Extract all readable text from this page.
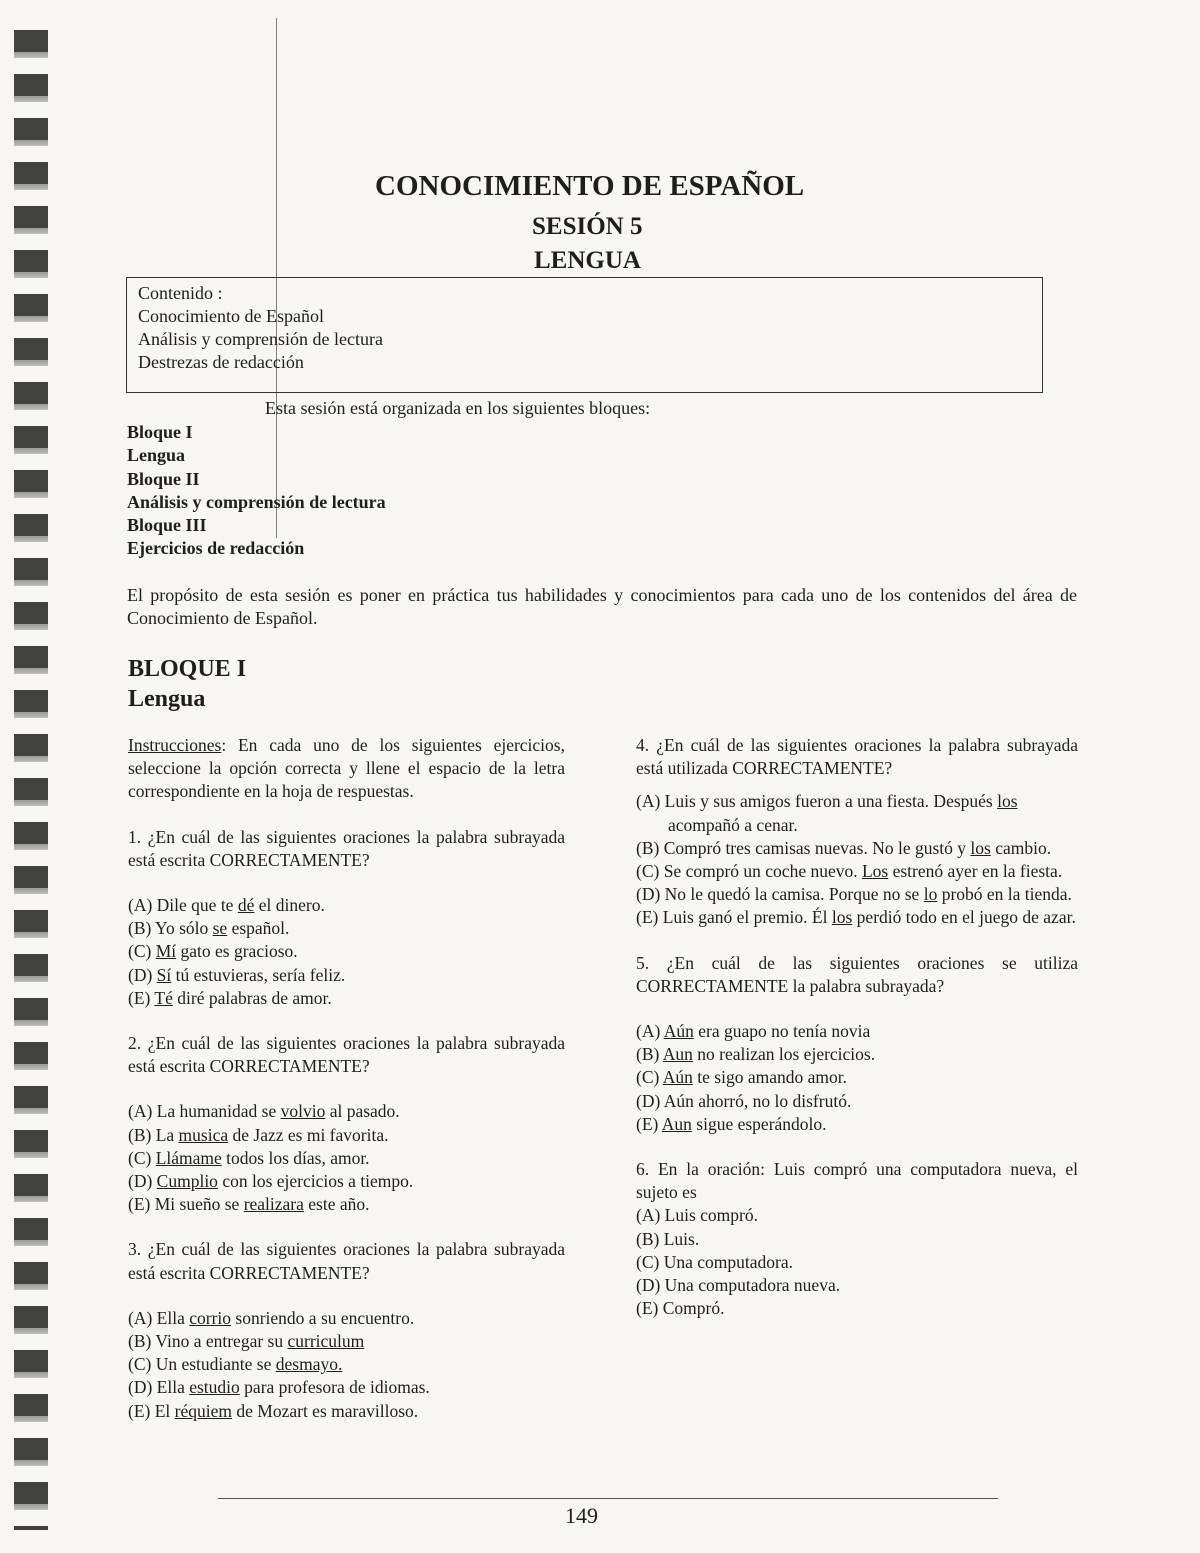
CONOCIMIENTO DE ESPAÑOL
SESIÓN 5
LENGUA

Contenido :

Conocimiento de Español

Análisis y comprensión de lectura

Destrezas de redacción

Esta sesión está organizada en los siguientes bloques:
Bloque I
Lengua
Bloque II
Análisis y comprensión de lectura
Bloque III
Ejercicios de redacción

El propósito de esta sesión es poner en práctica tus habilidades y conocimientos para cada uno de los contenidos del área de Conocimiento de Español.

BLOQUE I
Lengua

Instrucciones: En cada uno de los siguientes ejercicios, seleccione la opción correcta y llene el espacio de la letra correspondiente en la hoja de respuestas.

1. ¿En cuál de las siguientes oraciones la palabra subrayada está escrita CORRECTAMENTE?

(A) Dile que te dé el dinero.

(B) Yo sólo se español.

(C) Mí gato es gracioso.

(D) Sí tú estuvieras, sería feliz.

(E) Té diré palabras de amor.

2. ¿En cuál de las siguientes oraciones la palabra subrayada está escrita CORRECTAMENTE?

(A) La humanidad se volvio al pasado.

(B) La musica de Jazz es mi favorita.

(C) Llámame todos los días, amor.

(D) Cumplio con los ejercicios a tiempo.

(E) Mi sueño se realizara este año.

3. ¿En cuál de las siguientes oraciones la palabra subrayada está escrita CORRECTAMENTE?

(A) Ella corrio sonriendo a su encuentro.

(B) Vino a entregar su curriculum

(C) Un estudiante se desmayo.

(D) Ella estudio para profesora de idiomas.

(E) El réquiem de Mozart es maravilloso.

4. ¿En cuál de las siguientes oraciones la palabra subrayada está utilizada CORRECTAMENTE?

(A) Luis y sus amigos fueron a una fiesta. Después los acompañó a cenar.

(B) Compró tres camisas nuevas. No le gustó y los cambio.

(C) Se compró un coche nuevo. Los estrenó ayer en la fiesta.

(D) No le quedó la camisa. Porque no se lo probó en la tienda.

(E) Luis ganó el premio. Él los perdió todo en el juego de azar.

5. ¿En cuál de las siguientes oraciones se utiliza CORRECTAMENTE la palabra subrayada?

(A) Aún era guapo no tenía novia

(B) Aun no realizan los ejercicios.

(C) Aún te sigo amando amor.

(D) Aún ahorró, no lo disfrutó.

(E) Aun sigue esperándolo.

6. En la oración: Luis compró una computadora nueva, el sujeto es

(A) Luis compró.

(B) Luis.

(C) Una computadora.

(D) Una computadora nueva.

(E) Compró.

149
